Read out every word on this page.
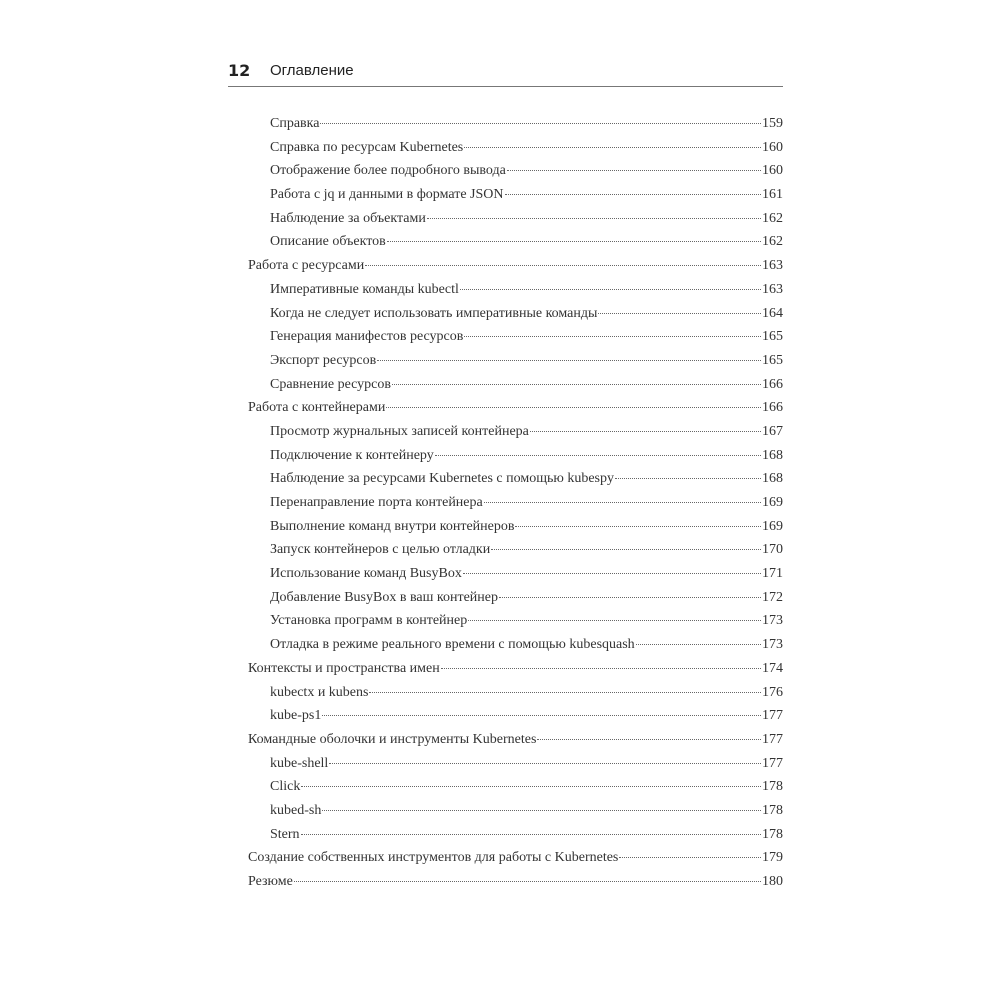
12 Оглавление
Справка	159
Справка по ресурсам Kubernetes	160
Отображение более подробного вывода	160
Работа с jq и данными в формате JSON	161
Наблюдение за объектами	162
Описание объектов	162
Работа с ресурсами	163
Императивные команды kubectl	163
Когда не следует использовать императивные команды	164
Генерация манифестов ресурсов	165
Экспорт ресурсов	165
Сравнение ресурсов	166
Работа с контейнерами	166
Просмотр журнальных записей контейнера	167
Подключение к контейнеру	168
Наблюдение за ресурсами Kubernetes с помощью kubespy	168
Перенаправление порта контейнера	169
Выполнение команд внутри контейнеров	169
Запуск контейнеров с целью отладки	170
Использование команд BusyBox	171
Добавление BusyBox в ваш контейнер	172
Установка программ в контейнер	173
Отладка в режиме реального времени с помощью kubesquash	173
Контексты и пространства имен	174
kubectx и kubens	176
kube-ps1	177
Командные оболочки и инструменты Kubernetes	177
kube-shell	177
Click	178
kubed-sh	178
Stern	178
Создание собственных инструментов для работы с Kubernetes	179
Резюме	180
